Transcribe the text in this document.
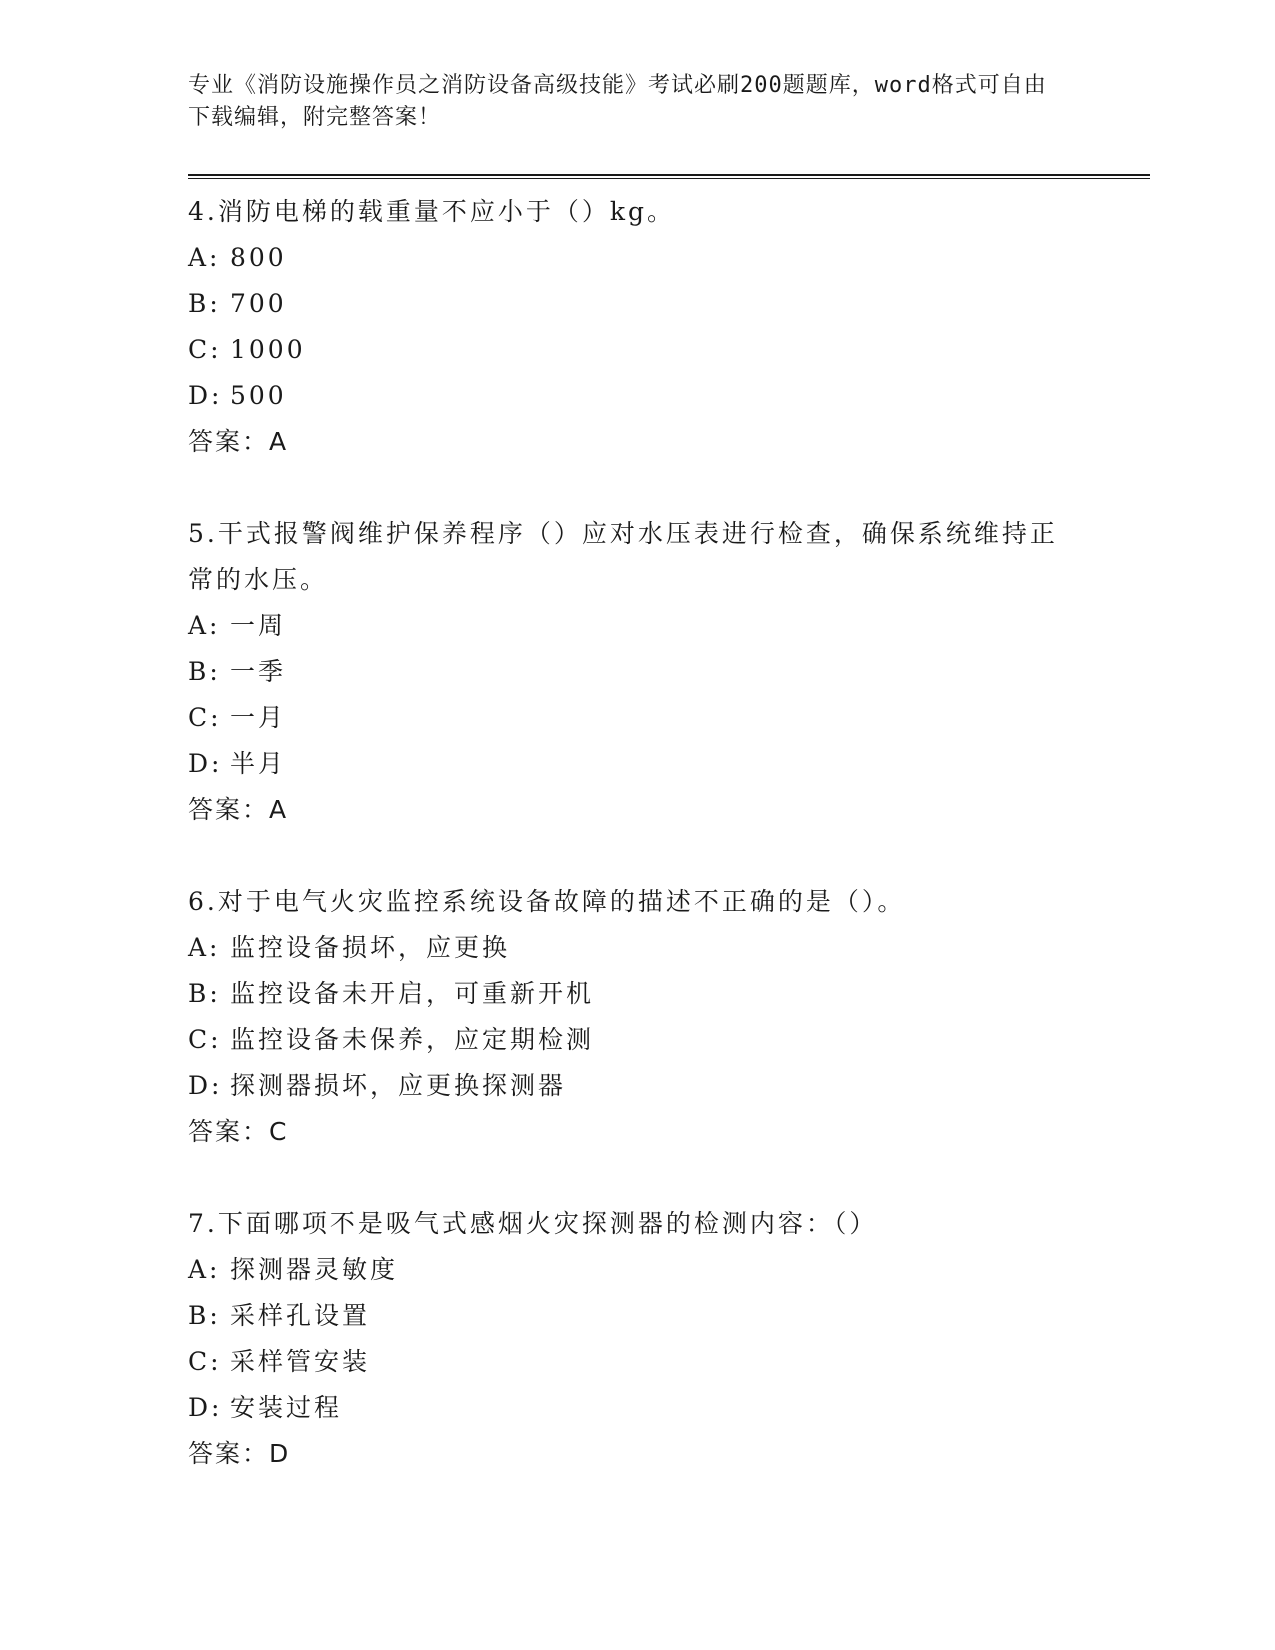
专业《消防设施操作员之消防设备高级技能》考试必刷200题题库，word格式可自由下载编辑，附完整答案！

4.消防电梯的载重量不应小于（）kg。

A: 800

B: 700

C: 1000

D: 500

答案：A

5.干式报警阀维护保养程序（）应对水压表进行检查，确保系统维持正常的水压。

A: 一周

B: 一季

C: 一月

D: 半月

答案：A

6.对于电气火灾监控系统设备故障的描述不正确的是（）。

A: 监控设备损坏，应更换

B: 监控设备未开启，可重新开机

C: 监控设备未保养，应定期检测

D: 探测器损坏，应更换探测器

答案：C

7.下面哪项不是吸气式感烟火灾探测器的检测内容：（）

A: 探测器灵敏度

B: 采样孔设置

C: 采样管安装

D: 安装过程

答案：D
